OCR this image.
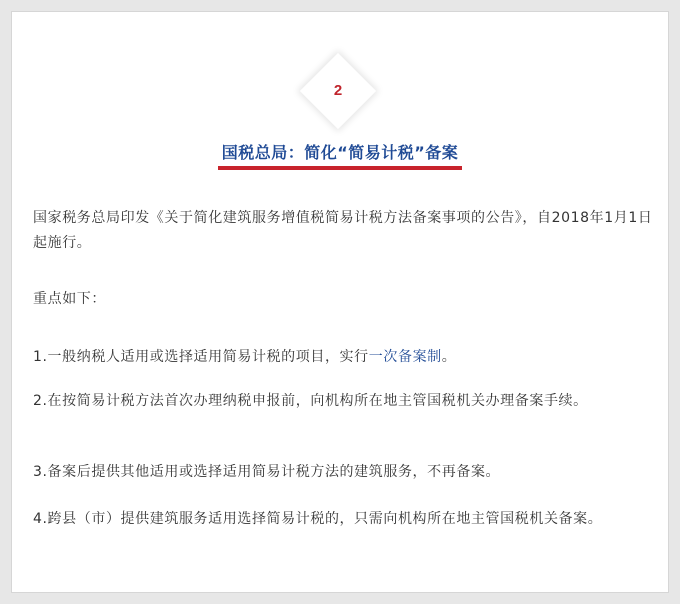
2
国税总局：简化“简易计税”备案

国家税务总局印发《关于简化建筑服务增值税简易计税方法备案事项的公告》，自2018年1月1日起施行。

重点如下：

1.一般纳税人适用或选择适用简易计税的项目，实行一次备案制。

2.在按简易计税方法首次办理纳税申报前，向机构所在地主管国税机关办理备案手续。

3.备案后提供其他适用或选择适用简易计税方法的建筑服务，不再备案。

4.跨县（市）提供建筑服务适用选择简易计税的，只需向机构所在地主管国税机关备案。
